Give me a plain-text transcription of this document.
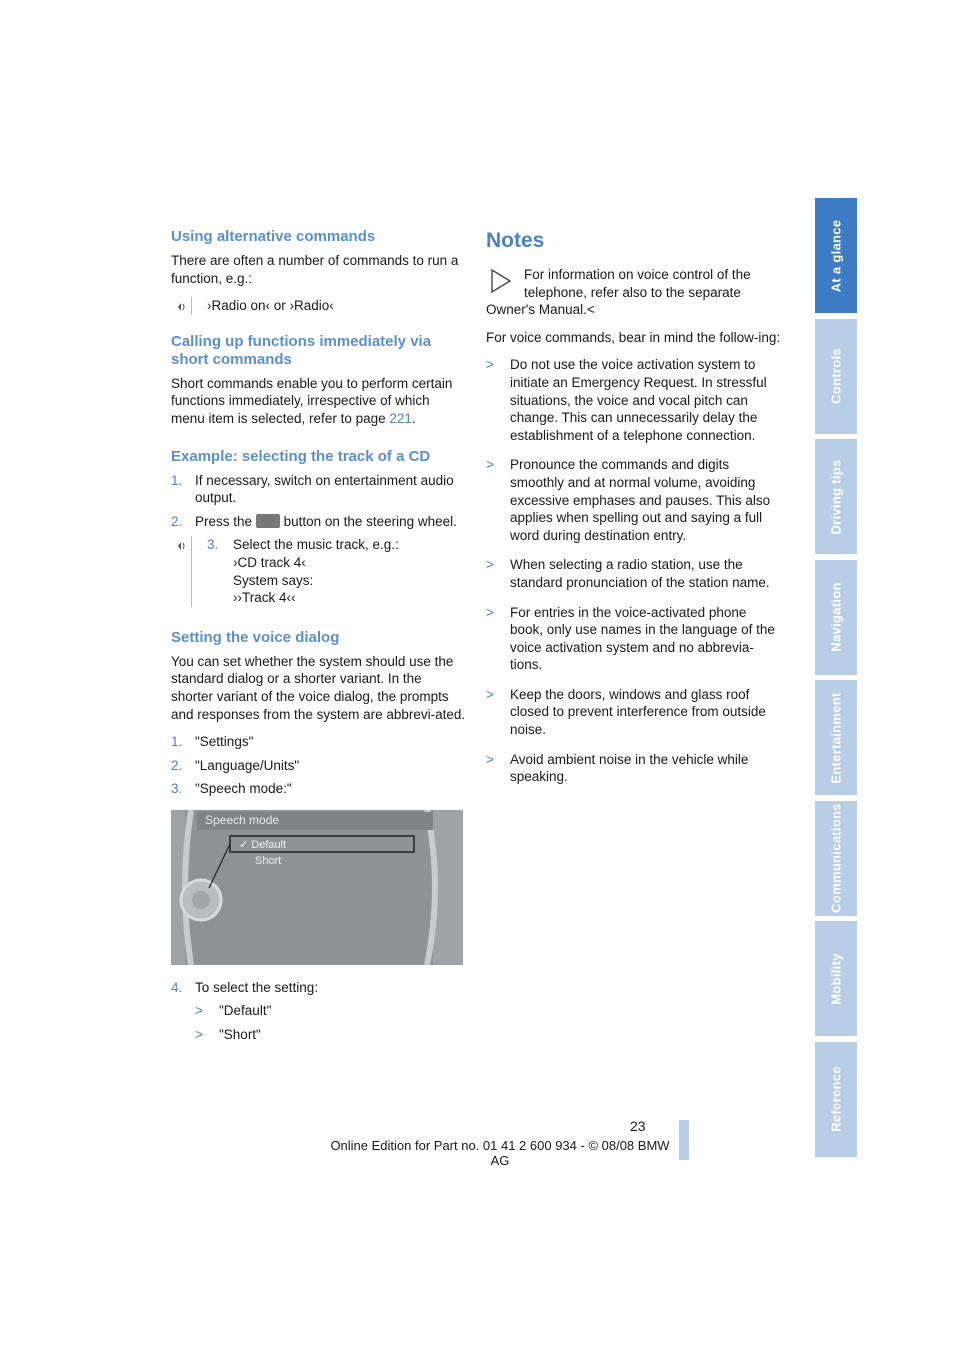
Using alternative commands

There are often a number of commands to run a function, e.g.:

›Radio on‹ or ›Radio‹
Calling up functions immediately via short commands

Short commands enable you to perform certain functions immediately, irrespective of which menu item is selected, refer to page 221.

Example: selecting the track of a CD
1. If necessary, switch on entertainment audio output.
2. Press the button on the steering wheel.
3.	Select the music track, e.g.:
›CD track 4‹
System says:
››Track 4‹‹
Setting the voice dialog

You can set whether the system should use the standard dialog or a shorter variant. In the shorter variant of the voice dialog, the prompts and responses from the system are abbrevi-ated.

1. "Settings"
2. "Language/Units"
3. "Speech mode:"
Speech mode
✓ Default
Short
4. To select the setting:
>	"Default"
>	"Short"
Notes

For information on voice control of the telephone, refer also to the separate Owner's Manual.<

For voice commands, bear in mind the follow-ing:

>	Do not use the voice activation system to initiate an Emergency Request. In stressful situations, the voice and vocal pitch can change. This can unnecessarily delay the establishment of a telephone connection.
>	Pronounce the commands and digits smoothly and at normal volume, avoiding excessive emphases and pauses. This also applies when spelling out and saying a full word during destination entry.
>	When selecting a radio station, use the standard pronunciation of the station name.
>	For entries in the voice-activated phone book, only use names in the language of the voice activation system and no abbrevia-tions.
>	Keep the doors, windows and glass roof closed to prevent interference from outside noise.
>	Avoid ambient noise in the vehicle while speaking.
At a glance
Controls
Driving tips
Navigation
Entertainment
Communications
Mobility
Reference
23
Online Edition for Part no. 01 41 2 600 934 - © 08/08 BMW AG
